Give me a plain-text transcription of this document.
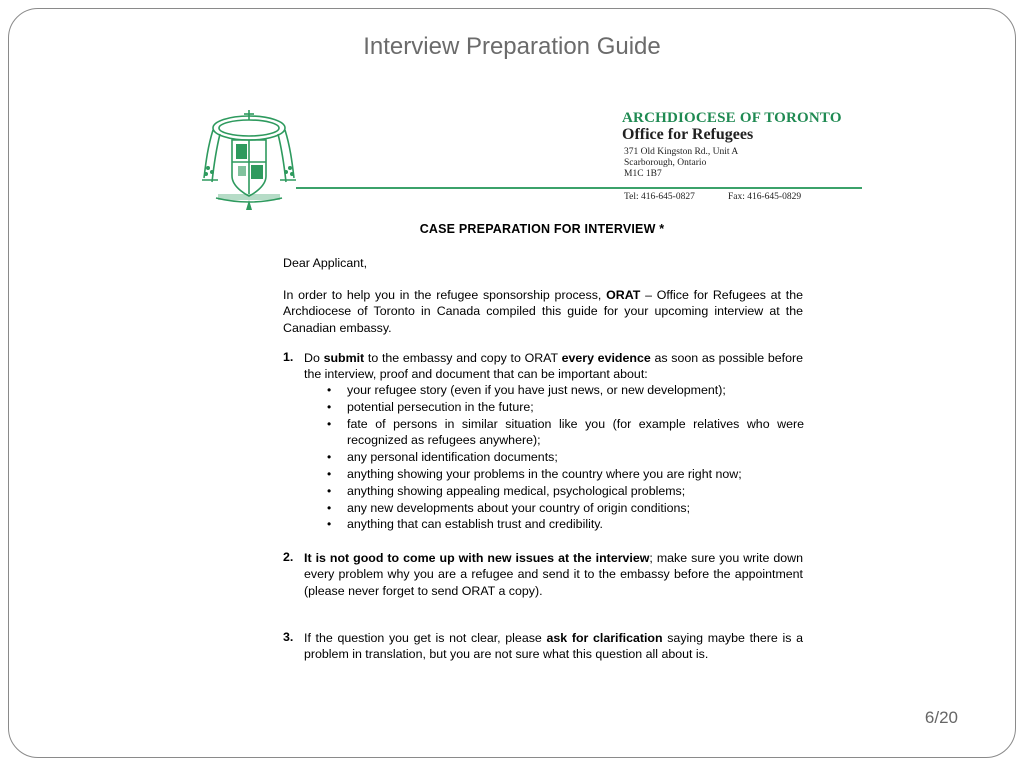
Interview Preparation Guide
ARCHDIOCESE OF TORONTO
Office for Refugees
371 Old Kingston Rd., Unit A
Scarborough, Ontario
M1C 1B7
Tel: 416-645-0827	Fax: 416-645-0829
CASE PREPARATION FOR INTERVIEW *
Dear Applicant,
In order to help you in the refugee sponsorship process, ORAT – Office for Refugees at the Archdiocese of Toronto in Canada compiled this guide for your upcoming interview at the Canadian embassy.
1. Do submit to the embassy and copy to ORAT every evidence as soon as possible before the interview, proof and document that can be important about:
• your refugee story (even if you have just news, or new development);
• potential persecution in the future;
• fate of persons in similar situation like you (for example relatives who were recognized as refugees anywhere);
• any personal identification documents;
• anything showing your problems in the country where you are right now;
• anything showing appealing medical, psychological problems;
• any new developments about your country of origin conditions;
• anything that can establish trust and credibility.
2. It is not good to come up with new issues at the interview; make sure you write down every problem why you are a refugee and send it to the embassy before the appointment (please never forget to send ORAT a copy).
3. If the question you get is not clear, please ask for clarification saying maybe there is a problem in translation, but you are not sure what this question all about is.
6/20
